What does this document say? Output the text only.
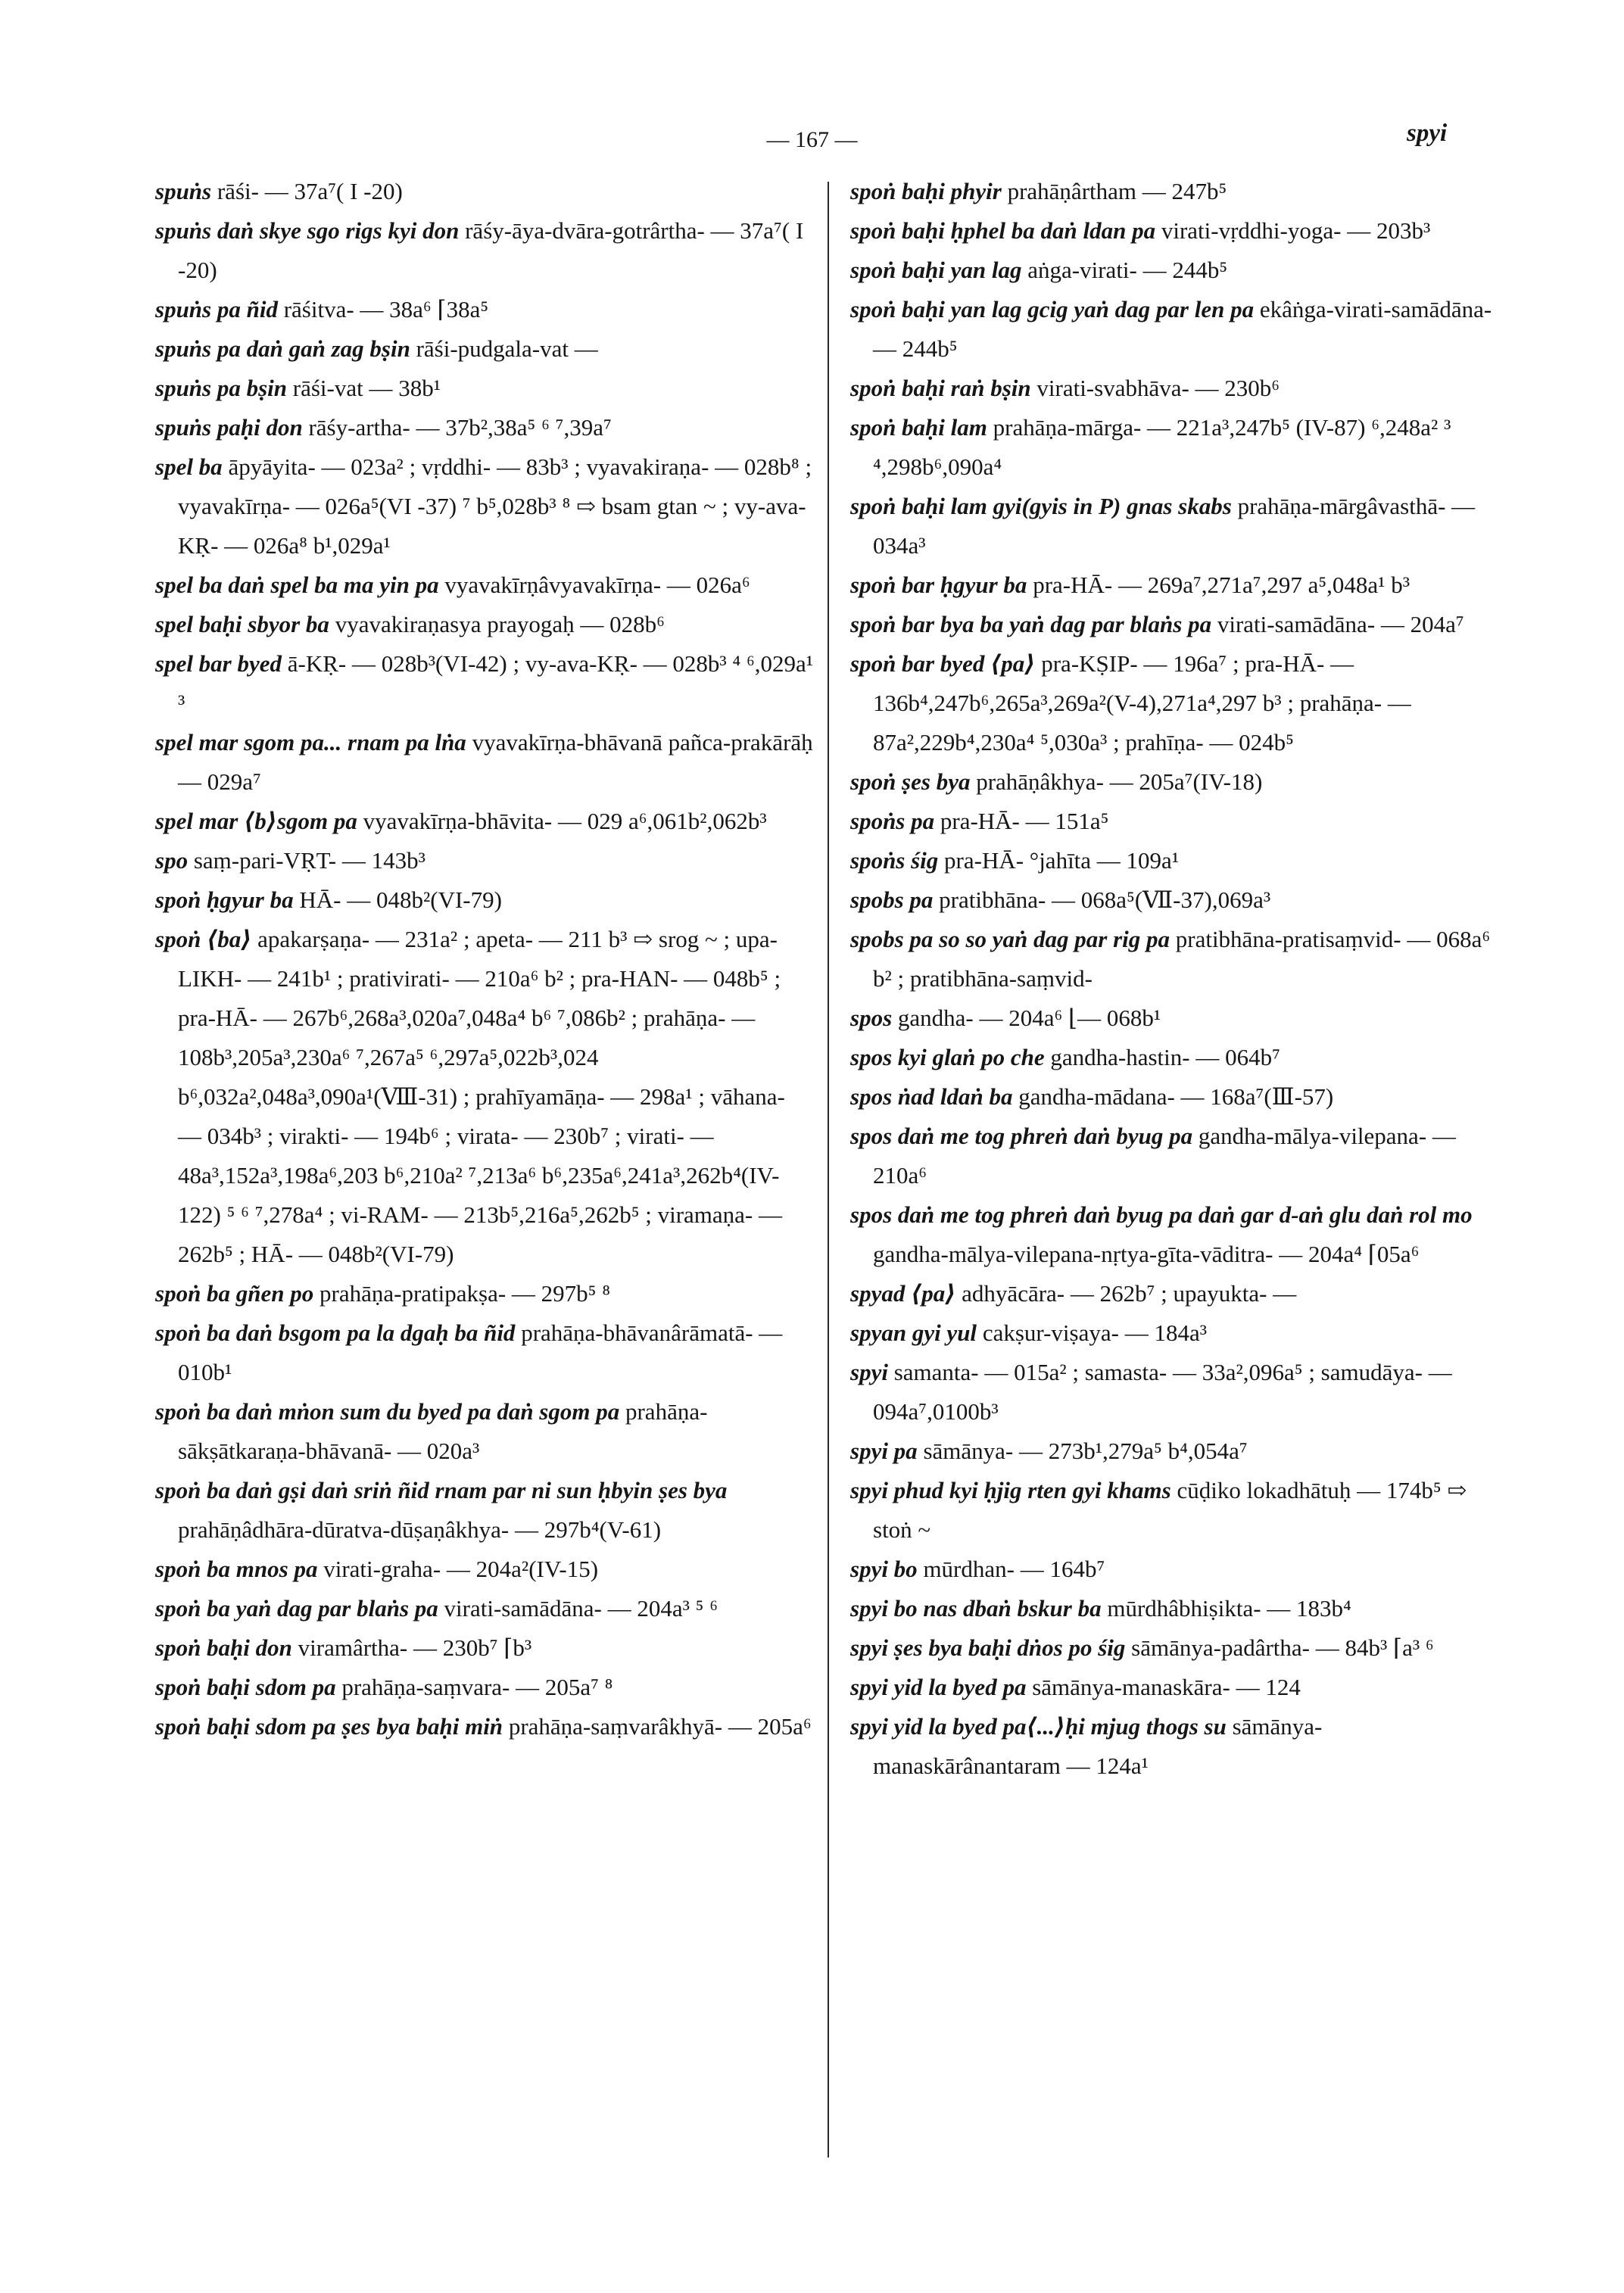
— 167 —	spyi

spuṅs rāśi- — 37a⁷( I -20)

spuṅs daṅ skye sgo rigs kyi don rāśy-āya-dvāra-gotrârtha- — 37a⁷( I -20)

spuṅs pa ñid rāśitva- — 38a⁶ ⌈38a⁵

spuṅs pa daṅ gaṅ zag bṣin rāśi-pudgala-vat —

spuṅs pa bṣin rāśi-vat — 38b¹

spuṅs paḥi don rāśy-artha- — 37b²,38a⁵ ⁶ ⁷,39a⁷

spel ba āpyāyita- — 023a² ; vṛddhi- — 83b³ ; vyavakiraṇa- — 028b⁸ ; vyavakīrṇa- — 026a⁵(VI -37) ⁷ b⁵,028b³ ⁸ ⇨ bsam gtan ~ ; vy-ava-KṚ- — 026a⁸ b¹,029a¹

spel ba daṅ spel ba ma yin pa vyavakīrṇâvyavakīrṇa- — 026a⁶

spel baḥi sbyor ba vyavakiraṇasya prayogaḥ — 028b⁶

spel bar byed ā-KṚ- — 028b³(VI-42) ; vy-ava-KṚ- — 028b³ ⁴ ⁶,029a¹ ³

spel mar sgom pa... rnam pa lṅa vyavakīrṇa-bhāvanā pañca-prakārāḥ — 029a⁷

spel mar ⟨b⟩sgom pa vyavakīrṇa-bhāvita- — 029 a⁶,061b²,062b³

spo saṃ-pari-VṚT- — 143b³

spoṅ ḥgyur ba HĀ- — 048b²(VI-79)

spoṅ ⟨ba⟩ apakarṣaṇa- — 231a² ; apeta- — 211 b³ ⇨ srog ~ ; upa-LIKH- — 241b¹ ; prativirati- — 210a⁶ b² ; pra-HAN- — 048b⁵ ; pra-HĀ- — 267b⁶,268a³,020a⁷,048a⁴ b⁶ ⁷,086b² ; prahāṇa- — 108b³,205a³,230a⁶ ⁷,267a⁵ ⁶,297a⁵,022b³,024 b⁶,032a²,048a³,090a¹(Ⅷ-31) ; prahīyamāṇa- — 298a¹ ; vāhana- — 034b³ ; virakti- — 194b⁶ ; virata- — 230b⁷ ; virati- — 48a³,152a³,198a⁶,203 b⁶,210a² ⁷,213a⁶ b⁶,235a⁶,241a³,262b⁴(IV-122) ⁵ ⁶ ⁷,278a⁴ ; vi-RAM- — 213b⁵,216a⁵,262b⁵ ; viramaṇa- — 262b⁵ ; HĀ- — 048b²(VI-79)

spoṅ ba gñen po prahāṇa-pratipakṣa- — 297b⁵ ⁸

spoṅ ba daṅ bsgom pa la dgaḥ ba ñid prahāṇa-bhāvanârāmatā- — 010b¹

spoṅ ba daṅ mṅon sum du byed pa daṅ sgom pa prahāṇa-sākṣātkaraṇa-bhāvanā- — 020a³

spoṅ ba daṅ gṣi daṅ sriṅ ñid rnam par ni sun ḥbyin ṣes bya prahāṇâdhāra-dūratva-dūṣaṇâkhya- — 297b⁴(V-61)

spoṅ ba mnos pa virati-graha- — 204a²(IV-15)

spoṅ ba yaṅ dag par blaṅs pa virati-samādāna- — 204a³ ⁵ ⁶

spoṅ baḥi don viramârtha- — 230b⁷ ⌈b³

spoṅ baḥi sdom pa prahāṇa-saṃvara- — 205a⁷ ⁸

spoṅ baḥi sdom pa ṣes bya baḥi miṅ prahāṇa-saṃvarâkhyā- — 205a⁶

spoṅ baḥi phyir prahāṇârtham — 247b⁵

spoṅ baḥi ḥphel ba daṅ ldan pa virati-vṛddhi-yoga- — 203b³

spoṅ baḥi yan lag aṅga-virati- — 244b⁵

spoṅ baḥi yan lag gcig yaṅ dag par len pa ekâṅga-virati-samādāna- — 244b⁵

spoṅ baḥi raṅ bṣin virati-svabhāva- — 230b⁶

spoṅ baḥi lam prahāṇa-mārga- — 221a³,247b⁵ (IV-87) ⁶,248a² ³ ⁴,298b⁶,090a⁴

spoṅ baḥi lam gyi(gyis in P) gnas skabs prahāṇa-mārgâvasthā- — 034a³

spoṅ bar ḥgyur ba pra-HĀ- — 269a⁷,271a⁷,297 a⁵,048a¹ b³

spoṅ bar bya ba yaṅ dag par blaṅs pa virati-samādāna- — 204a⁷

spoṅ bar byed ⟨pa⟩ pra-KṢIP- — 196a⁷ ; pra-HĀ- — 136b⁴,247b⁶,265a³,269a²(V-4),271a⁴,297 b³ ; prahāṇa- — 87a²,229b⁴,230a⁴ ⁵,030a³ ; prahīṇa- — 024b⁵

spoṅ ṣes bya prahāṇâkhya- — 205a⁷(IV-18)

spoṅs pa pra-HĀ- — 151a⁵

spoṅs śig pra-HĀ- °jahīta — 109a¹

spobs pa pratibhāna- — 068a⁵(Ⅶ-37),069a³

spobs pa so so yaṅ dag par rig pa pratibhāna-pratisaṃvid- — 068a⁶ b² ; pratibhāna-saṃvid-

spos gandha- — 204a⁶ ⌊— 068b¹

spos kyi glaṅ po che gandha-hastin- — 064b⁷

spos ṅad ldaṅ ba gandha-mādana- — 168a⁷(Ⅲ-57)

spos daṅ me tog phreṅ daṅ byug pa gandha-mālya-vilepana- — 210a⁶

spos daṅ me tog phreṅ daṅ byug pa daṅ gar d-aṅ glu daṅ rol mo gandha-mālya-vilepana-nṛtya-gīta-vāditra- — 204a⁴ ⌈05a⁶

spyad ⟨pa⟩ adhyācāra- — 262b⁷ ; upayukta- —

spyan gyi yul cakṣur-viṣaya- — 184a³

spyi samanta- — 015a² ; samasta- — 33a²,096a⁵ ; samudāya- — 094a⁷,0100b³

spyi pa sāmānya- — 273b¹,279a⁵ b⁴,054a⁷

spyi phud kyi ḥjig rten gyi khams cūḍiko lokadhātuḥ — 174b⁵ ⇨ stoṅ ~

spyi bo mūrdhan- — 164b⁷

spyi bo nas dbaṅ bskur ba mūrdhâbhiṣikta- — 183b⁴

spyi ṣes bya baḥi dṅos po śig sāmānya-padârtha- — 84b³ ⌈a³ ⁶

spyi yid la byed pa sāmānya-manaskāra- — 124

spyi yid la byed pa⟨...⟩ḥi mjug thogs su sāmānya-manaskārânantaram — 124a¹
